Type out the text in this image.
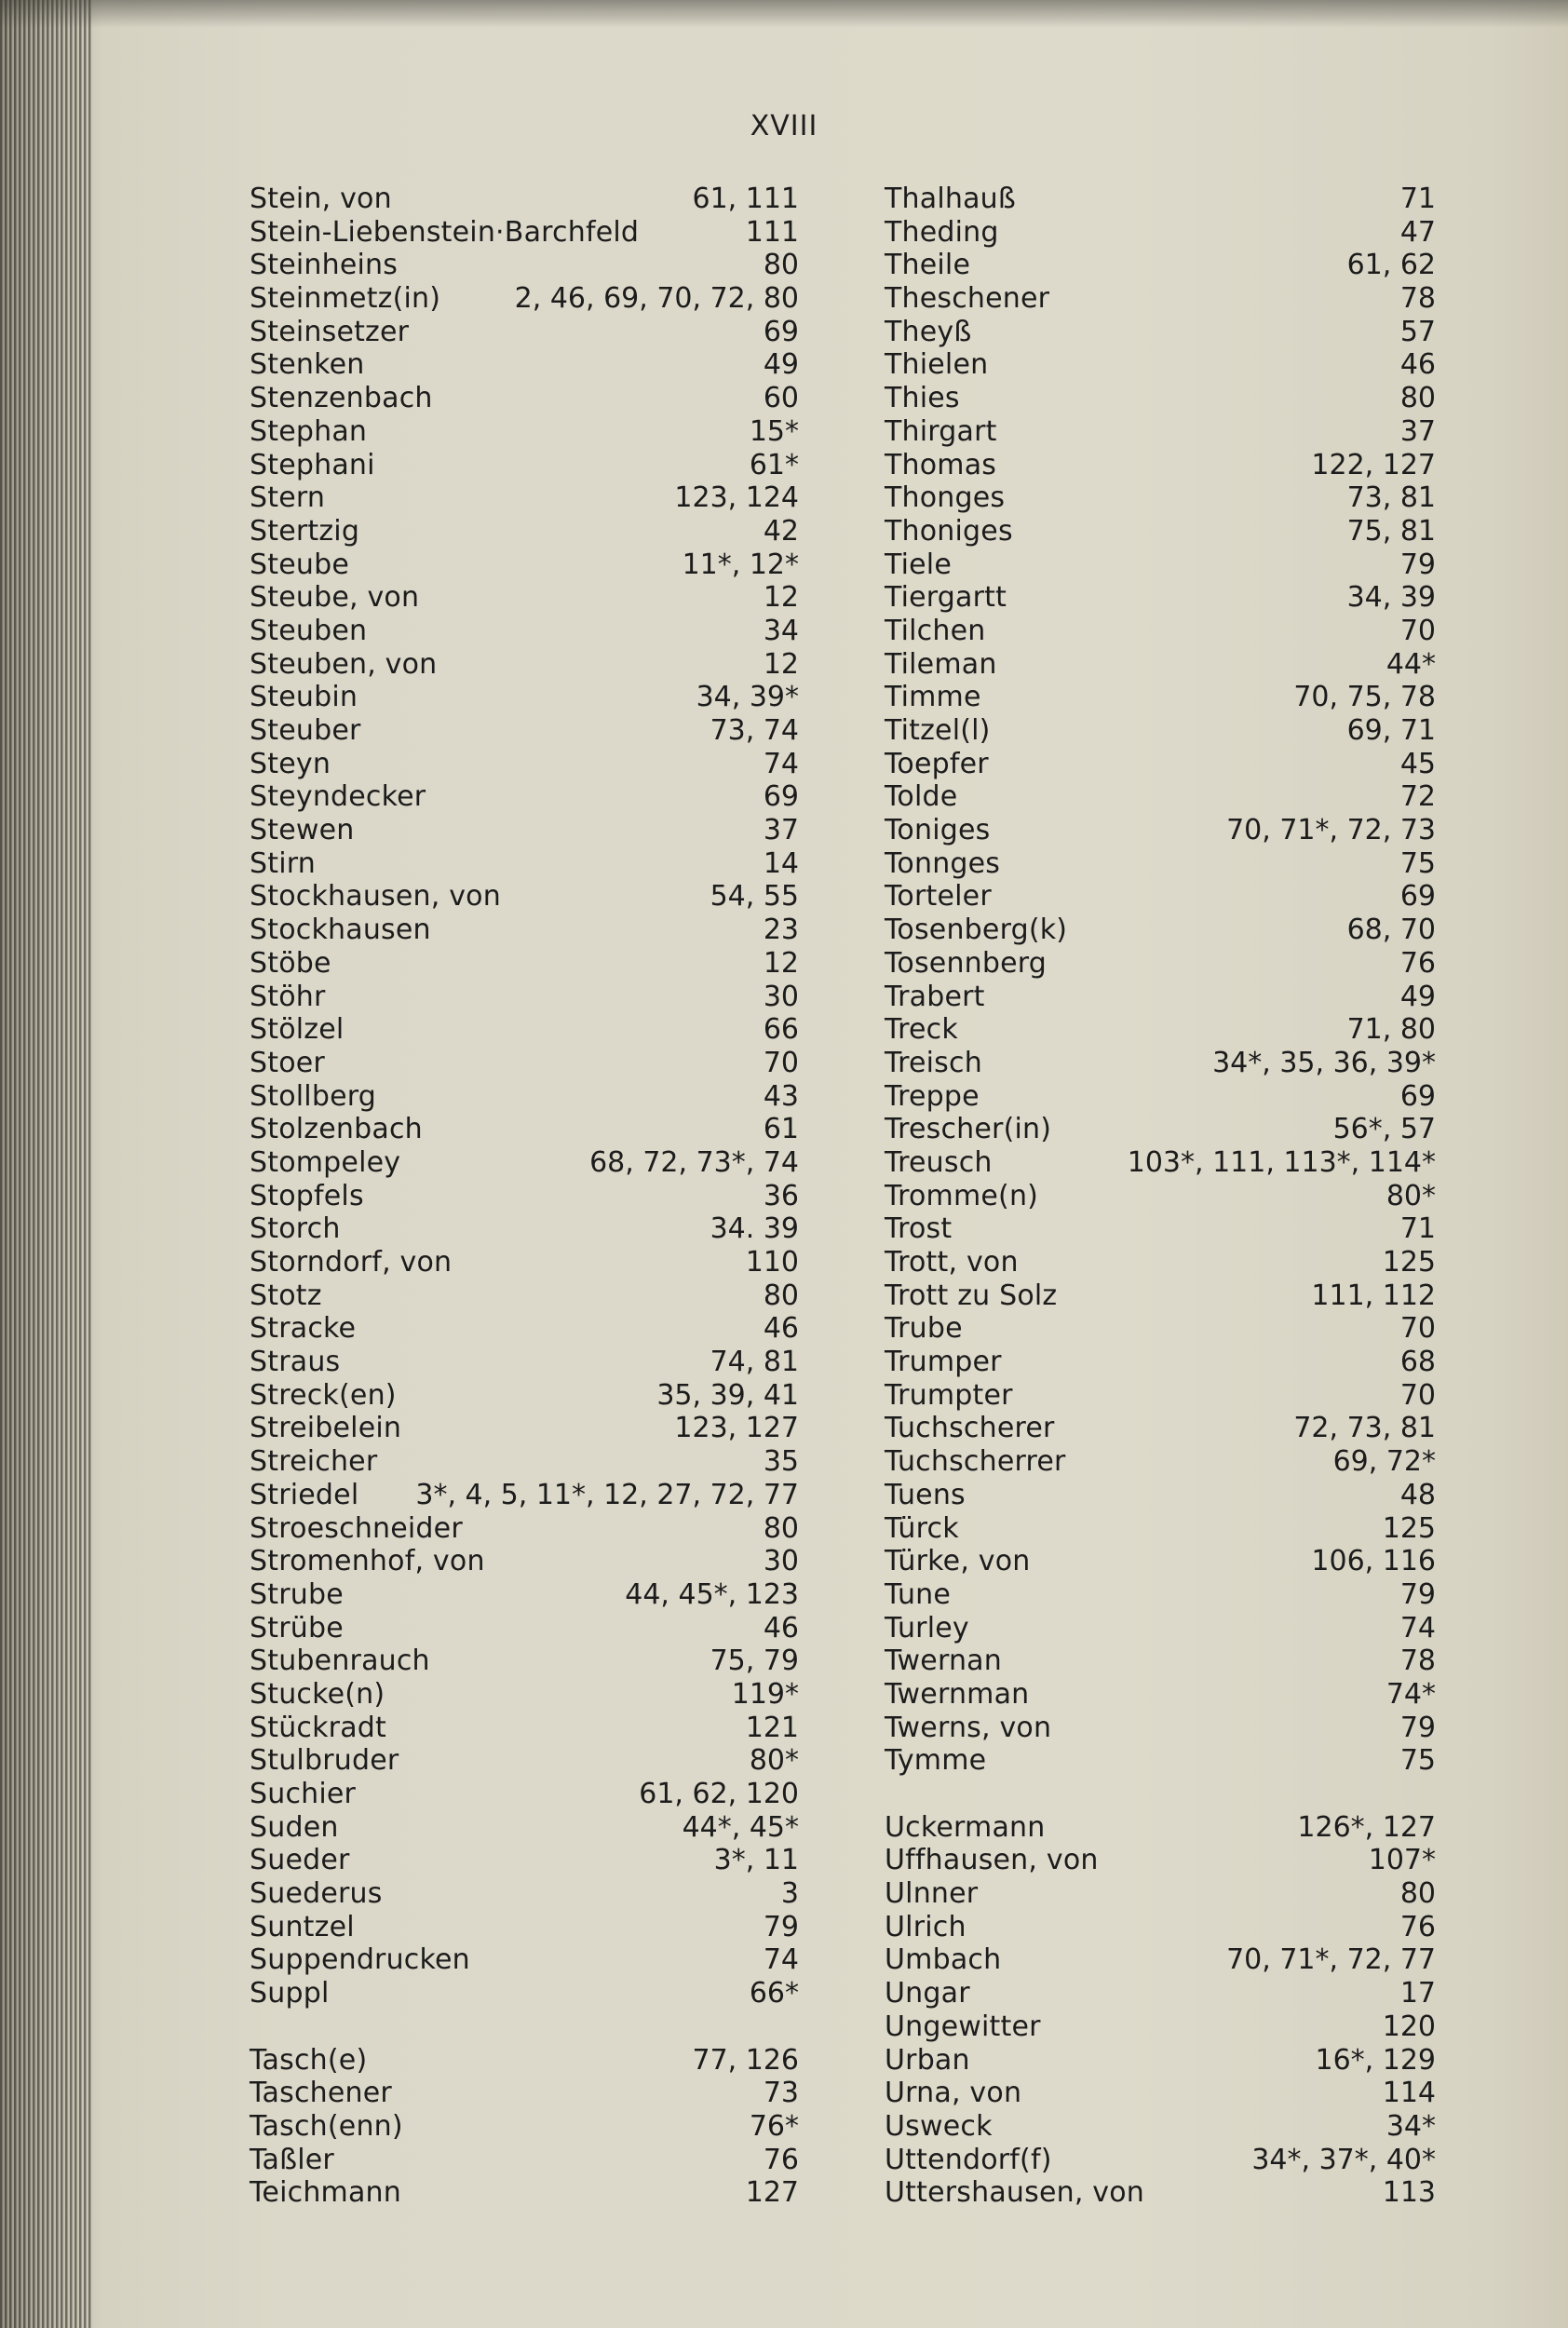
XVIII
Stein, von	61, 111
Stein-Liebenstein·Barchfeld	111
Steinheins	80
Steinmetz(in)	2, 46, 69, 70, 72, 80
Steinsetzer	69
Stenken	49
Stenzenbach	60
Stephan	15*
Stephani	61*
Stern	123, 124
Stertzig	42
Steube	11*, 12*
Steube, von	12
Steuben	34
Steuben, von	12
Steubin	34, 39*
Steuber	73, 74
Steyn	74
Steyndecker	69
Stewen	37
Stirn	14
Stockhausen, von	54, 55
Stockhausen	23
Stöbe	12
Stöhr	30
Stölzel	66
Stoer	70
Stollberg	43
Stolzenbach	61
Stompeley	68, 72, 73*, 74
Stopfels	36
Storch	34. 39
Storndorf, von	110
Stotz	80
Stracke	46
Straus	74, 81
Streck(en)	35, 39, 41
Streibelein	123, 127
Streicher	35
Striedel 3*, 4, 5, 11*, 12, 27, 72, 77
Stroeschneider	80
Stromenhof, von	30
Strube	44, 45*, 123
Strübe	46
Stubenrauch	75, 79
Stucke(n)	119*
Stückradt	121
Stulbruder	80*
Suchier	61, 62, 120
Suden	44*, 45*
Sueder	3*, 11
Suederus	3
Suntzel	79
Suppendrucken	74
Suppl	66*
Tasch(e)	77, 126
Taschener	73
Tasch(enn)	76*
Taßler	76
Teichmann	127
Thalhauß	71
Theding	47
Theile	61, 62
Theschener	78
Theyß	57
Thielen	46
Thies	80
Thirgart	37
Thomas	122, 127
Thonges	73, 81
Thoniges	75, 81
Tiele	79
Tiergartt	34, 39
Tilchen	70
Tileman	44*
Timme	70, 75, 78
Titzel(l)	69, 71
Toepfer	45
Tolde	72
Toniges	70, 71*, 72, 73
Tonnges	75
Torteler	69
Tosenberg(k)	68, 70
Tosennberg	76
Trabert	49
Treck	71, 80
Treisch	34*, 35, 36, 39*
Treppe	69
Trescher(in)	56*, 57
Treusch	103*, 111, 113*, 114*
Tromme(n)	80*
Trost	71
Trott, von	125
Trott zu Solz	111, 112
Trube	70
Trumper	68
Trumpter	70
Tuchscherer	72, 73, 81
Tuchscherrer	69, 72*
Tuens	48
Türck	125
Türke, von	106, 116
Tune	79
Turley	74
Twernan	78
Twernman	74*
Twerns, von	79
Tymme	75
Uckermann	126*, 127
Uffhausen, von	107*
Ulnner	80
Ulrich	76
Umbach	70, 71*, 72, 77
Ungar	17
Ungewitter	120
Urban	16*, 129
Urna, von	114
Usweck	34*
Uttendorf(f)	34*, 37*, 40*
Uttershausen, von	113
